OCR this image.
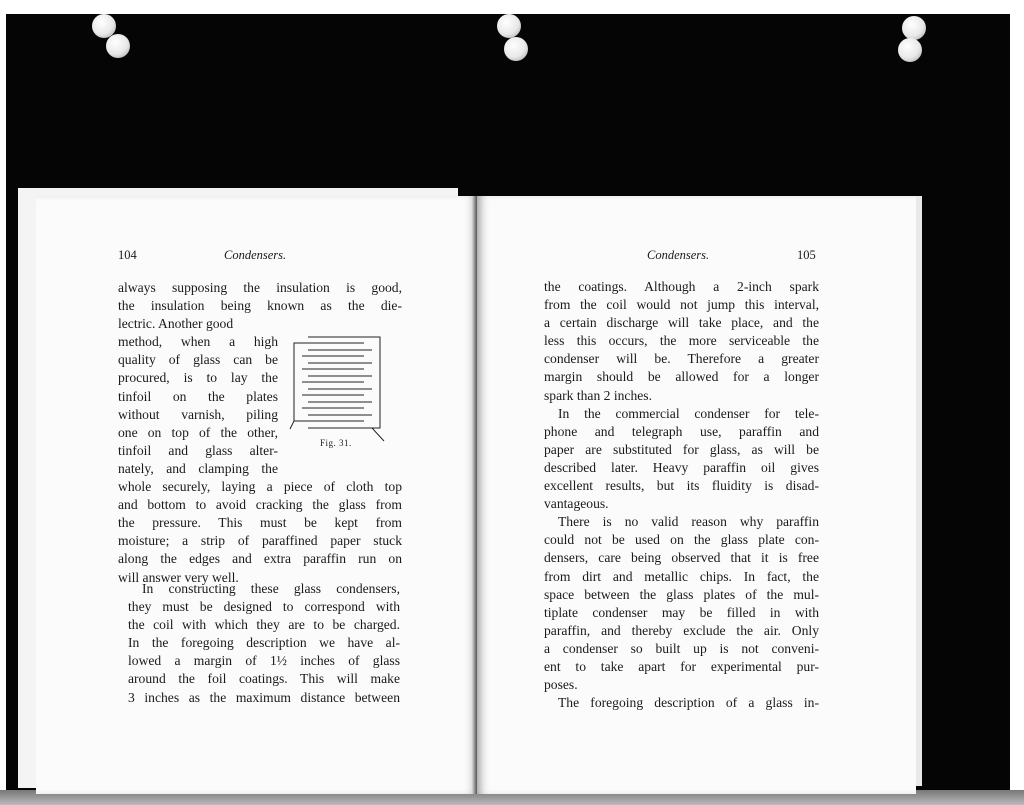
104	Condensers.
always supposing the insulation is good,
the insulation being known as the die-
lectric. Another good
method, when a high
quality of glass can be
procured, is to lay the
tinfoil on the plates
without varnish, piling
one on top of the other,
tinfoil and glass alter-
nately, and clamping the
whole securely, laying a piece of cloth top
and bottom to avoid cracking the glass from
the pressure. This must be kept from
moisture; a strip of paraffined paper stuck
along the edges and extra paraffin run on
will answer very well.
Fig. 31.
In constructing these glass condensers,
they must be designed to correspond with
the coil with which they are to be charged.
In the foregoing description we have al-
lowed a margin of 1½ inches of glass
around the foil coatings. This will make
3 inches as the maximum distance between
Condensers.	105
the coatings. Although a 2-inch spark
from the coil would not jump this interval,
a certain discharge will take place, and the
less this occurs, the more serviceable the
condenser will be. Therefore a greater
margin should be allowed for a longer
spark than 2 inches.
In the commercial condenser for tele-
phone and telegraph use, paraffin and
paper are substituted for glass, as will be
described later. Heavy paraffin oil gives
excellent results, but its fluidity is disad-
vantageous.
There is no valid reason why paraffin
could not be used on the glass plate con-
densers, care being observed that it is free
from dirt and metallic chips. In fact, the
space between the glass plates of the mul-
tiplate condenser may be filled in with
paraffin, and thereby exclude the air. Only
a condenser so built up is not conveni-
ent to take apart for experimental pur-
poses.
The foregoing description of a glass in-
